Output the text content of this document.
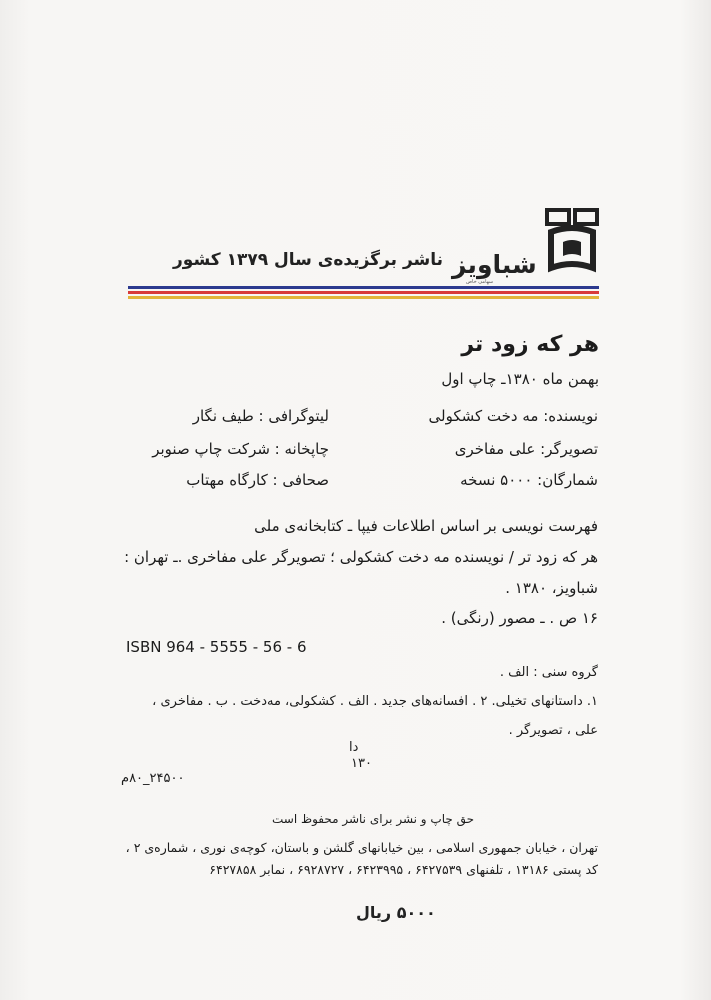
شباویز
سهامی خاص
ناشر برگزیده‌ی سال ۱۳۷۹ کشور
هر که زود تر
بهمن ماه ۱۳۸۰ـ چاپ اول
نویسنده: مه دخت کشکولی
لیتوگرافی : طیف نگار
تصویرگر: علی مفاخری
چاپخانه : شرکت چاپ صنوبر
شمارگان: ۵۰۰۰ نسخه
صحافی : کارگاه مهتاب
فهرست نویسی بر اساس اطلاعات فیپا ـ کتابخانه‌ی ملی
هر که زود تر / نویسنده مه دخت کشکولی ؛ تصویرگر علی مفاخری .ـ تهران :
شباویز، ۱۳۸۰ .
۱۶ ص . ـ مصور (رنگی) .
ISBN 964 - 5555 - 56 - 6
گروه سنی : الف .
۱. داستانهای تخیلی. ۲ . افسانه‌های جدید . الف . کشکولی، مه‌دخت . ب . مفاخری ،
علی ، تصویرگر .
دا
۱۳۰
۲۴۵۰۰_۸۰م
حق چاپ و نشر برای ناشر محفوظ است
تهران ، خیابان جمهوری اسلامی ، بین خیابانهای گلشن و باستان، کوچه‌ی نوری ، شماره‌ی ۲ ،
کد پستی ۱۳۱۸۶ ، تلفنهای ۶۴۲۷۵۳۹ ، ۶۴۲۳۹۹۵ ، ۶۹۲۸۷۲۷ ، نمابر ۶۴۲۷۸۵۸
۵۰۰۰ ریال
